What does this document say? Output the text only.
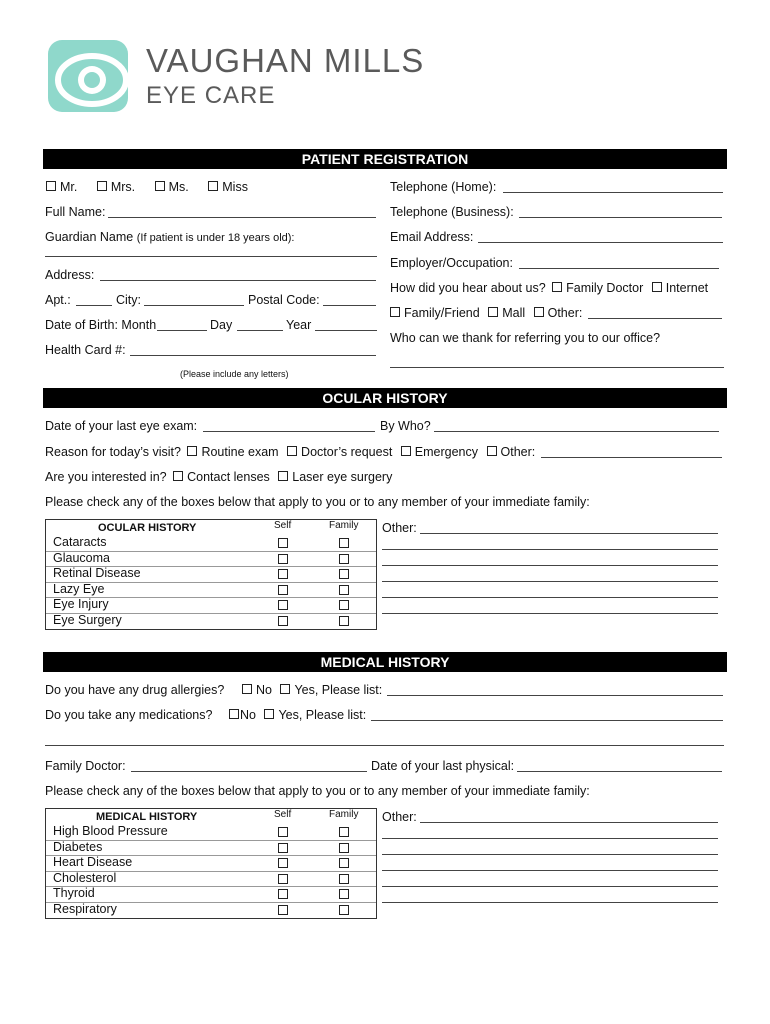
VAUGHAN MILLS
EYE CARE
PATIENT REGISTRATION
Mr.	Mrs.	Ms.	Miss
Full Name:
Guardian Name (If patient is under 18 years old):
Address:
Apt.:	City:	Postal Code:
Date of Birth: Month	Day	Year
Health Card #:
(Please include any letters)
Telephone (Home):
Telephone (Business):
Email Address:
Employer/Occupation:
How did you hear about us? Family Doctor Internet
Family/Friend Mall Other:
Who can we thank for referring you to our office?
OCULAR HISTORY
Date of your last eye exam:	By Who?
Reason for today’s visit? Routine exam Doctor’s request Emergency Other:
Are you interested in? Contact lenses Laser eye surgery
Please check any of the boxes below that apply to you or to any member of your immediate family:
OCULAR HISTORY	Self	Family
Cataracts
Glaucoma
Retinal Disease
Lazy Eye
Eye Injury
Eye Surgery
Other:
MEDICAL HISTORY
Do you have any drug allergies?	No Yes, Please list:
Do you take any medications?	No Yes, Please list:
Family Doctor:	Date of your last physical:
Please check any of the boxes below that apply to you or to any member of your immediate family:
MEDICAL HISTORY	Self	Family
High Blood Pressure
Diabetes
Heart Disease
Cholesterol
Thyroid
Respiratory
Other:
